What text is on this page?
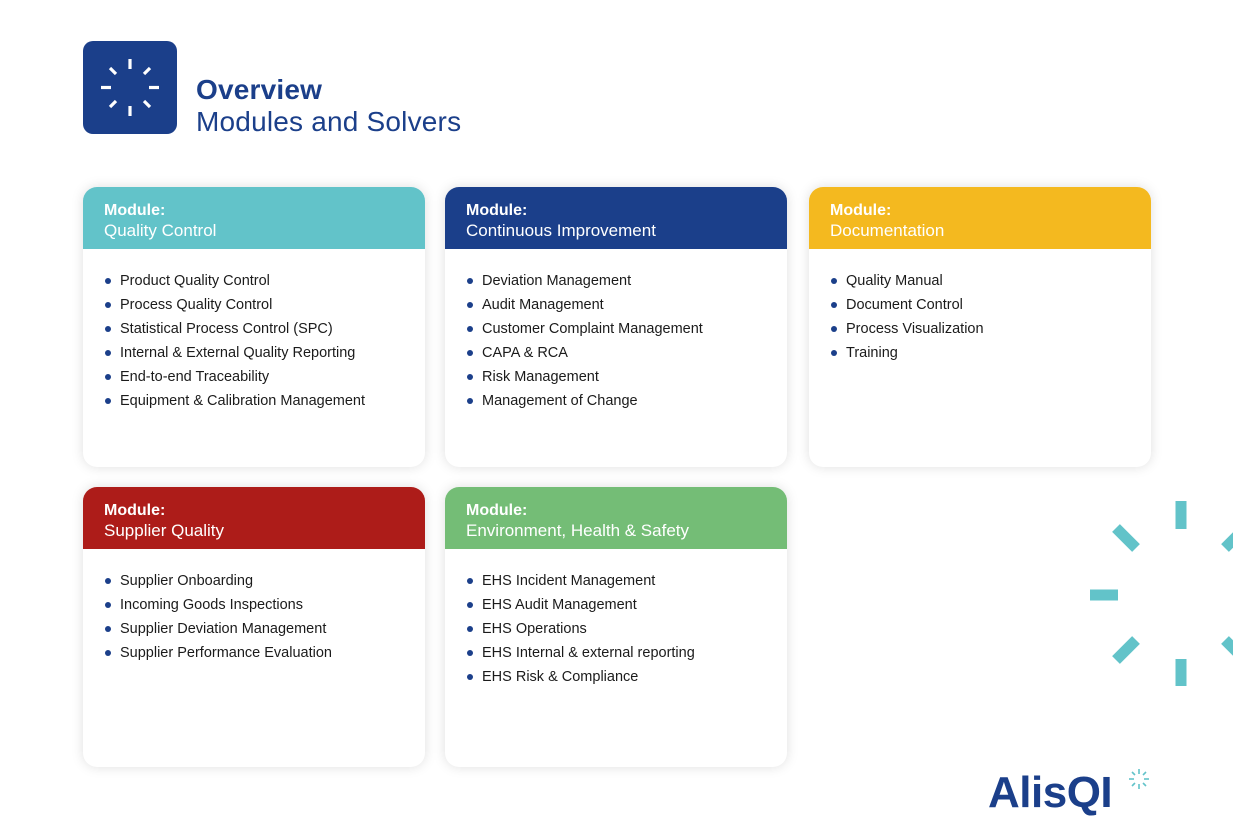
Overview
Modules and Solvers
Module:
Quality Control
Product Quality Control
Process Quality Control
Statistical Process Control (SPC)
Internal & External Quality Reporting
End-to-end Traceability
Equipment & Calibration Management
Module:
Continuous Improvement
Deviation Management
Audit Management
Customer Complaint Management
CAPA & RCA
Risk Management
Management of Change
Module:
Documentation
Quality Manual
Document Control
Process Visualization
Training
Module:
Supplier Quality
Supplier Onboarding
Incoming Goods Inspections
Supplier Deviation Management
Supplier Performance Evaluation
Module:
Environment, Health & Safety
EHS Incident Management
EHS Audit Management
EHS Operations
EHS Internal & external reporting
EHS Risk & Compliance
AlisQI
